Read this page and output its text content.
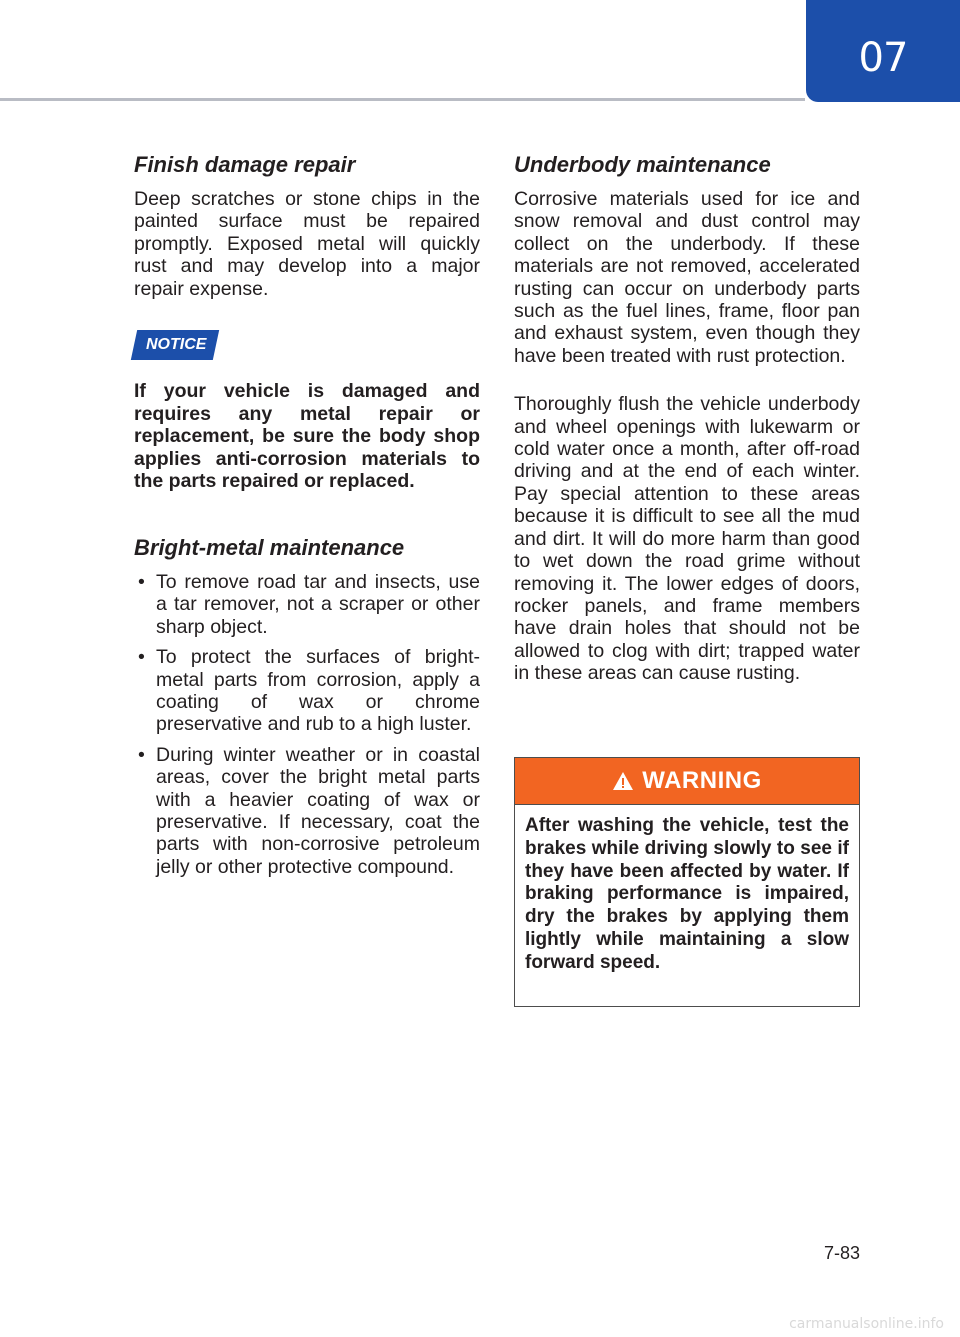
07
Finish damage repair

Deep scratches or stone chips in the painted surface must be repaired promptly. Exposed metal will quickly rust and may develop into a major repair expense.

NOTICE

If your vehicle is damaged and requires any metal repair or replacement, be sure the body shop applies anti-corrosion materials to the parts repaired or replaced.

Bright-metal maintenance
• To remove road tar and insects, use a tar remover, not a scraper or other sharp object.
• To protect the surfaces of bright-metal parts from corrosion, apply a coating of wax or chrome preservative and rub to a high luster.
• During winter weather or in coastal areas, cover the bright metal parts with a heavier coating of wax or preservative. If necessary, coat the parts with non-corrosive petroleum jelly or other protective compound.
Underbody maintenance

Corrosive materials used for ice and snow removal and dust control may collect on the underbody. If these materials are not removed, accelerated rusting can occur on underbody parts such as the fuel lines, frame, floor pan and exhaust system, even though they have been treated with rust protection.

Thoroughly flush the vehicle underbody and wheel openings with lukewarm or cold water once a month, after off-road driving and at the end of each winter. Pay special attention to these areas because it is difficult to see all the mud and dirt. It will do more harm than good to wet down the road grime without removing it. The lower edges of doors, rocker panels, and frame members have drain holes that should not be allowed to clog with dirt; trapped water in these areas can cause rusting.

WARNING

After washing the vehicle, test the brakes while driving slowly to see if they have been affected by water. If braking performance is impaired, dry the brakes by applying them lightly while maintaining a slow forward speed.

7-83
carmanualsonline.info
